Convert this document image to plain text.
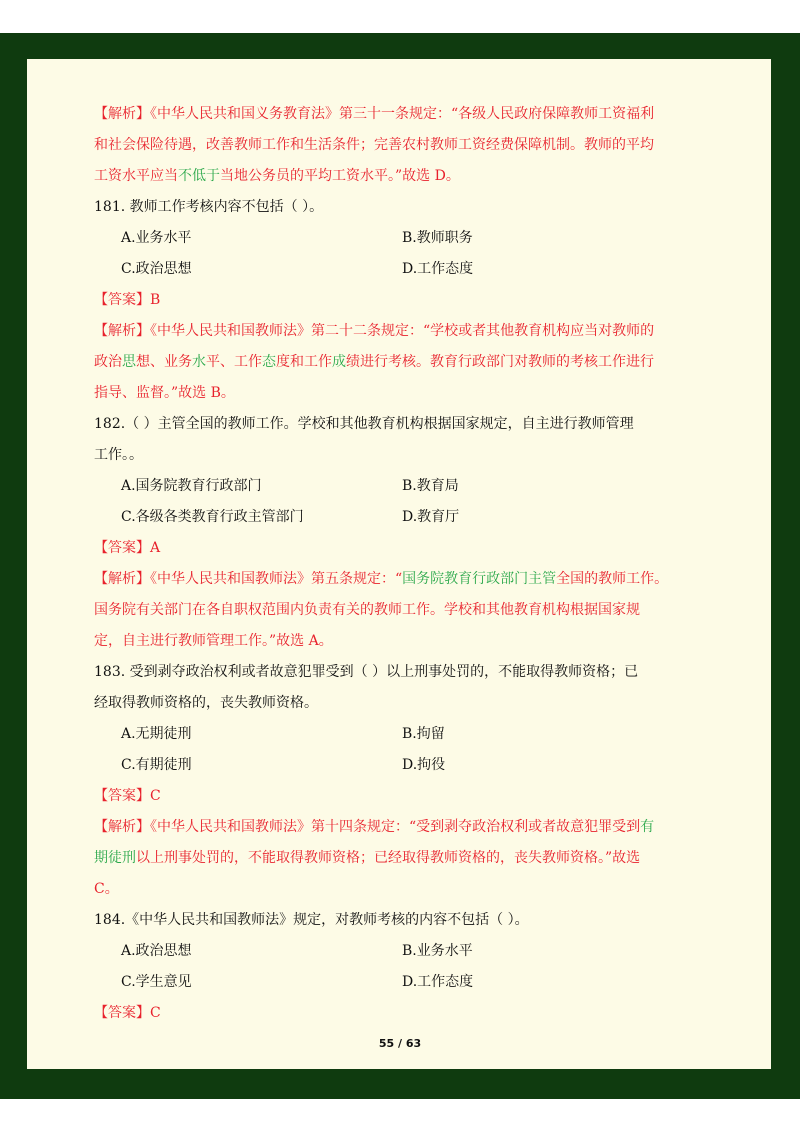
【解析】《中华人民共和国义务教育法》第三十一条规定：“各级人民政府保障教师工资福利
和社会保险待遇，改善教师工作和生活条件；完善农村教师工资经费保障机制。教师的平均
工资水平应当不低于当地公务员的平均工资水平。”故选 D。
181. 教师工作考核内容不包括（ ）。
A.业务水平	B.教师职务
C.政治思想	D.工作态度
【答案】B
【解析】《中华人民共和国教师法》第二十二条规定：“学校或者其他教育机构应当对教师的
政治思想、业务水平、工作态度和工作成绩进行考核。教育行政部门对教师的考核工作进行
指导、监督。”故选 B。
182.（ ）主管全国的教师工作。学校和其他教育机构根据国家规定，自主进行教师管理
工作。。
A.国务院教育行政部门	B.教育局
C.各级各类教育行政主管部门	D.教育厅
【答案】A
【解析】《中华人民共和国教师法》第五条规定：“国务院教育行政部门主管全国的教师工作。
国务院有关部门在各自职权范围内负责有关的教师工作。学校和其他教育机构根据国家规
定，自主进行教师管理工作。”故选 A。
183. 受到剥夺政治权利或者故意犯罪受到（ ）以上刑事处罚的，不能取得教师资格；已
经取得教师资格的，丧失教师资格。
A.无期徒刑	B.拘留
C.有期徒刑	D.拘役
【答案】C
【解析】《中华人民共和国教师法》第十四条规定：“受到剥夺政治权利或者故意犯罪受到有
期徒刑以上刑事处罚的，不能取得教师资格；已经取得教师资格的，丧失教师资格。”故选
C。
184.《中华人民共和国教师法》规定，对教师考核的内容不包括（ ）。
A.政治思想	B.业务水平
C.学生意见	D.工作态度
【答案】C
55 / 63
